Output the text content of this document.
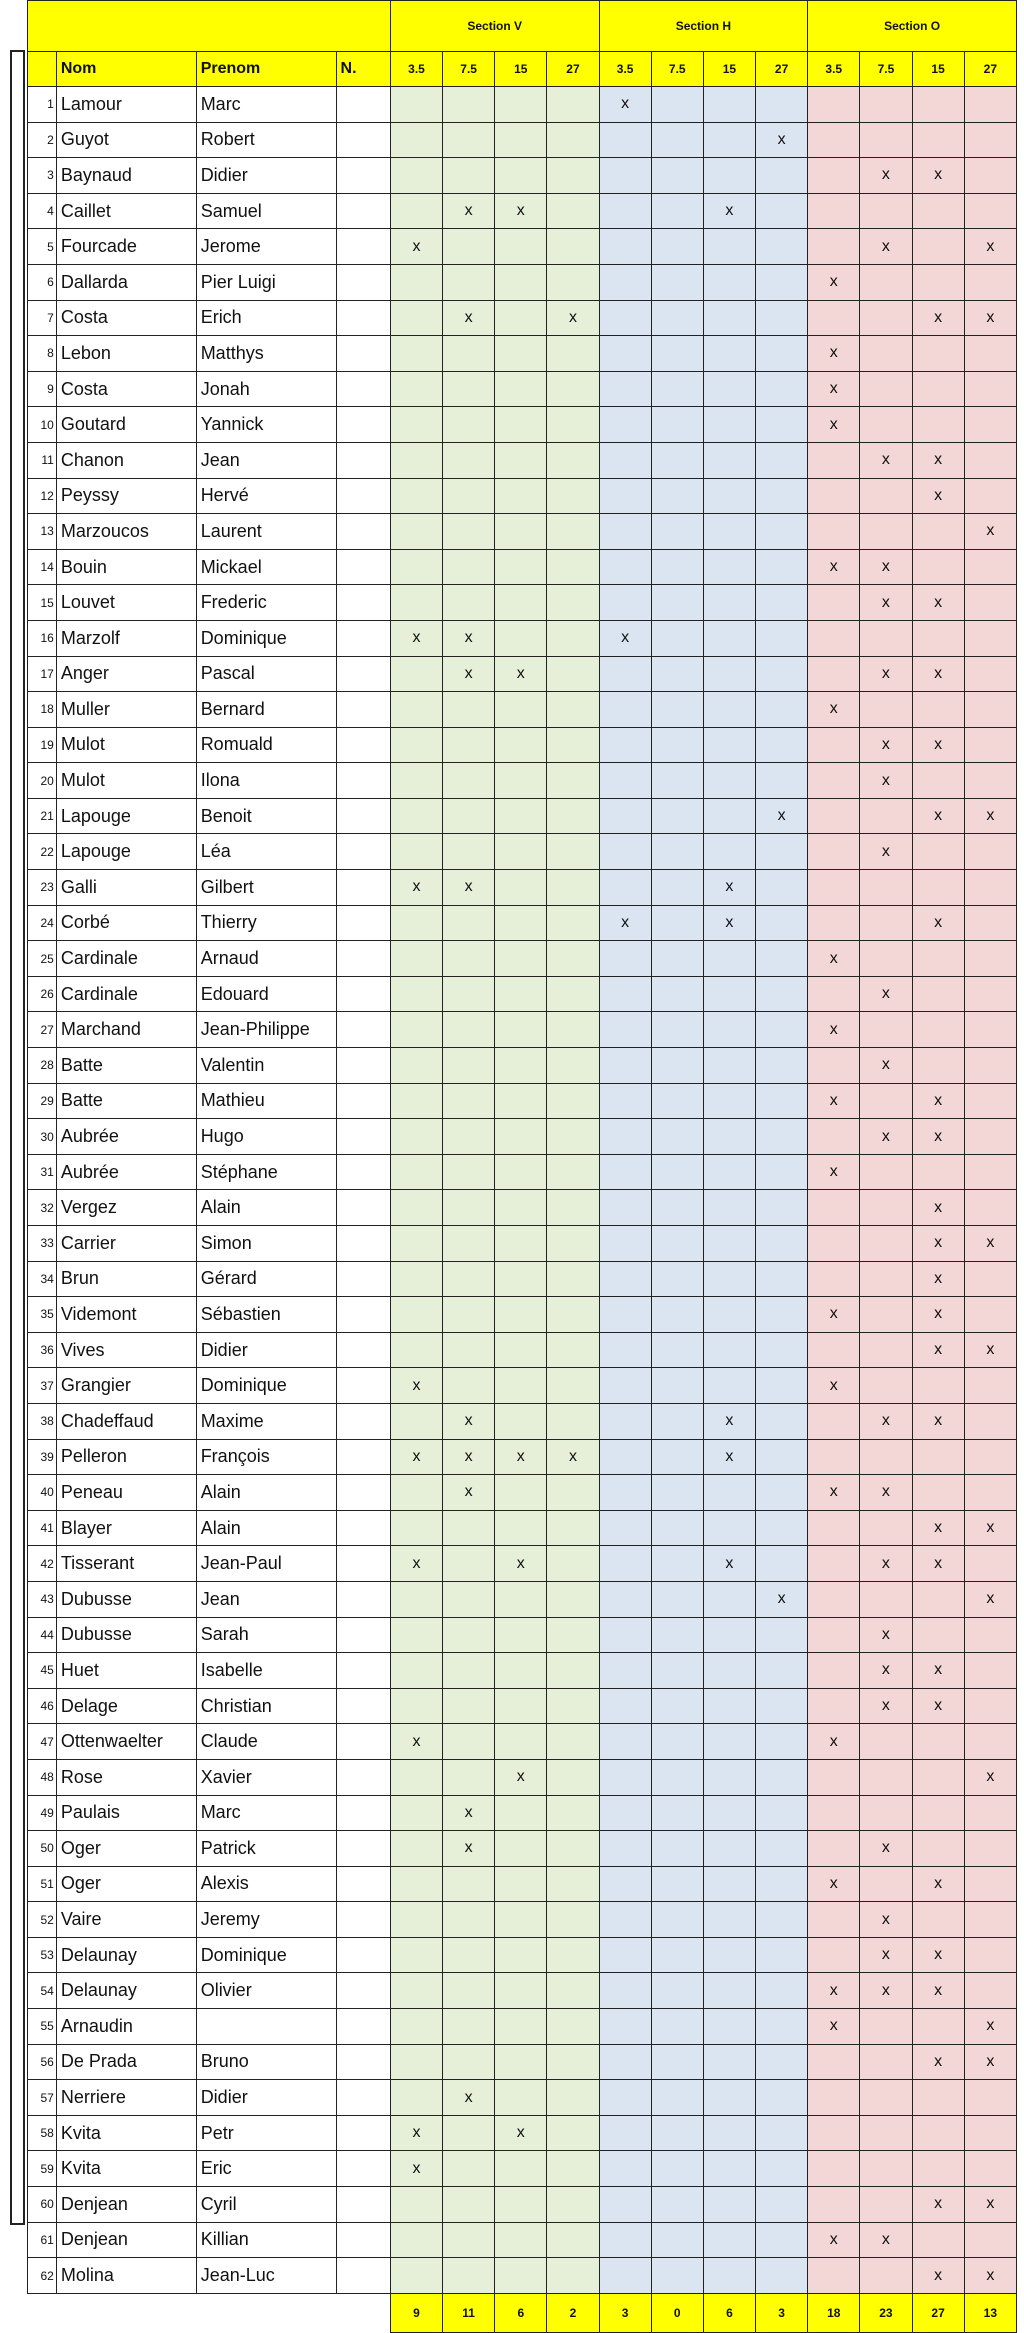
				Section V				Section H				Section O			
	Nom	Prenom	N.	3.5	7.5	15	27	3.5	7.5	15	27	3.5	7.5	15	27
1	Lamour	Marc						x							
2	Guyot	Robert									x				
3	Baynaud	Didier											x	x	
4	Caillet	Samuel			x	x				x					
5	Fourcade	Jerome		x									x		x
6	Dallarda	Pier Luigi										x			
7	Costa	Erich			x		x							x	x
8	Lebon	Matthys										x			
9	Costa	Jonah										x			
10	Goutard	Yannick										x			
11	Chanon	Jean											x	x	
12	Peyssy	Hervé												x	
13	Marzoucos	Laurent													x
14	Bouin	Mickael										x	x		
15	Louvet	Frederic											x	x	
16	Marzolf	Dominique		x	x			x							
17	Anger	Pascal			x	x							x	x	
18	Muller	Bernard										x			
19	Mulot	Romuald											x	x	
20	Mulot	Ilona											x		
21	Lapouge	Benoit									x			x	x
22	Lapouge	Léa											x		
23	Galli	Gilbert		x	x					x					
24	Corbé	Thierry						x		x				x	
25	Cardinale	Arnaud										x			
26	Cardinale	Edouard											x		
27	Marchand	Jean-Philippe										x			
28	Batte	Valentin											x		
29	Batte	Mathieu										x		x	
30	Aubrée	Hugo											x	x	
31	Aubrée	Stéphane										x			
32	Vergez	Alain												x	
33	Carrier	Simon												x	x
34	Brun	Gérard												x	
35	Videmont	Sébastien										x		x	
36	Vives	Didier												x	x
37	Grangier	Dominique		x								x			
38	Chadeffaud	Maxime			x					x			x	x	
39	Pelleron	François		x	x	x	x			x					
40	Peneau	Alain			x							x	x		
41	Blayer	Alain												x	x
42	Tisserant	Jean-Paul		x		x				x			x	x	
43	Dubusse	Jean									x				x
44	Dubusse	Sarah											x		
45	Huet	Isabelle											x	x	
46	Delage	Christian											x	x	
47	Ottenwaelter	Claude		x								x			
48	Rose	Xavier				x									x
49	Paulais	Marc			x										
50	Oger	Patrick			x								x		
51	Oger	Alexis										x		x	
52	Vaire	Jeremy											x		
53	Delaunay	Dominique											x	x	
54	Delaunay	Olivier										x	x	x	
55	Arnaudin											x			x
56	De Prada	Bruno												x	x
57	Nerriere	Didier			x										
58	Kvita	Petr		x		x									
59	Kvita	Eric		x											
60	Denjean	Cyril												x	x
61	Denjean	Killian										x	x		
62	Molina	Jean-Luc												x	x
				9	11	6	2	3	0	6	3	18	23	27	13
